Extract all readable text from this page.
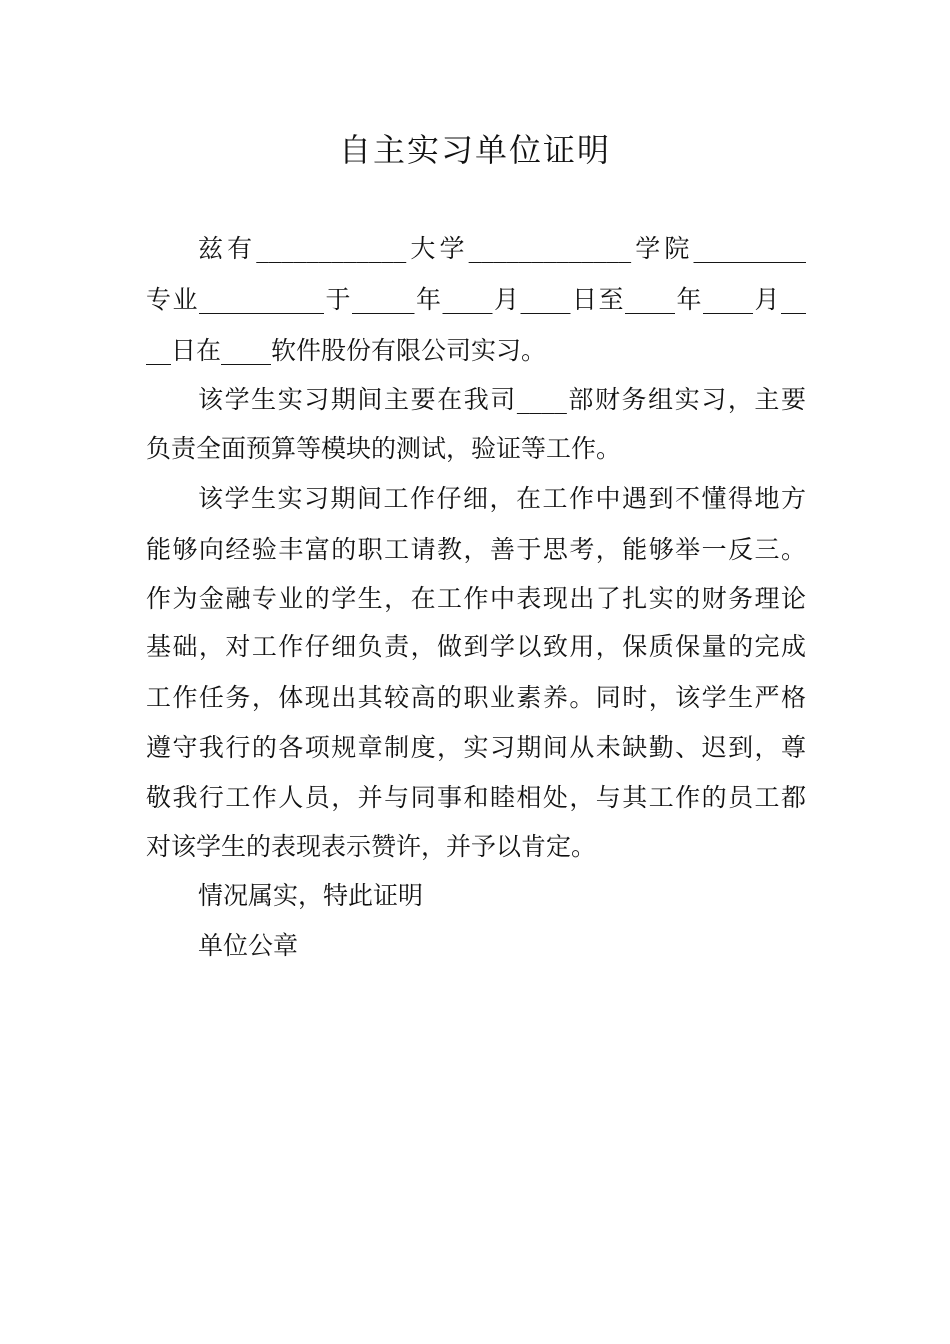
自主实习单位证明

兹有____________大学_____________学院_________

专业__________于_____年____月____日至____年____月__

__日在____软件股份有限公司实习。

该学生实习期间主要在我司____部财务组实习，主要

负责全面预算等模块的测试，验证等工作。

该学生实习期间工作仔细，在工作中遇到不懂得地方

能够向经验丰富的职工请教，善于思考，能够举一反三。

作为金融专业的学生，在工作中表现出了扎实的财务理论

基础，对工作仔细负责，做到学以致用，保质保量的完成

工作任务，体现出其较高的职业素养。同时，该学生严格

遵守我行的各项规章制度，实习期间从未缺勤、迟到，尊

敬我行工作人员，并与同事和睦相处，与其工作的员工都

对该学生的表现表示赞许，并予以肯定。

情况属实，特此证明

单位公章
